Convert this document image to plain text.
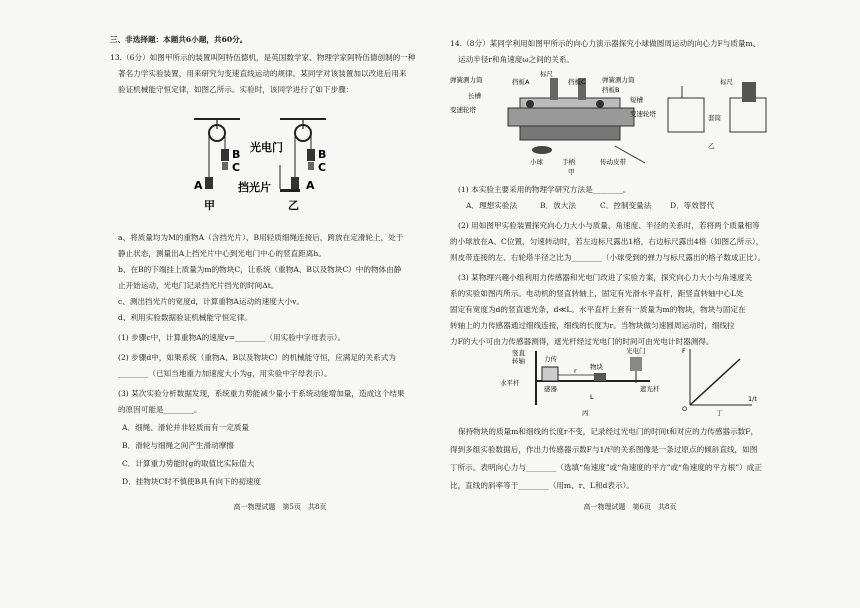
三、非选择题：本题共6小题，共60分。
13.（6分）如图甲所示的装置叫阿特伍德机，是英国数学家、物理学家阿特伍德创制的一种
著名力学实验装置，用来研究匀变速直线运动的规律。某同学对该装置加以改进后用来
验证机械能守恒定律，如图乙所示。实验时，该同学进行了如下步骤：
B
C
A
甲
B
C
A
乙
光电门
挡光片
a、将质量均为M的重物A（含挡光片）、B用轻质细绳连接后，跨放在定滑轮上，处于
静止状态，测量出A上挡光片中心到光电门中心的竖直距离h。
b、在B的下端挂上质量为m的物块C，让系统（重物A、B以及物块C）中的物体由静
止开始运动，光电门记录挡光片挡光的时间Δt。
c、测出挡光片的宽度d，计算重物A运动的速度大小v。
d、利用实验数据验证机械能守恒定律。
(1) 步骤c中，计算重物A的速度v=________（用实验中字母表示）。
(2) 步骤d中，如果系统（重物A、B以及物块C）的机械能守恒，应满足的关系式为
________（已知当地重力加速度大小为g，用实验中字母表示）。
(3) 某次实验分析数据发现，系统重力势能减少量小于系统动能增加量，造成这个结果
的原因可能是________。
A．细绳、滑轮并非轻质而有一定质量
B．滑轮与细绳之间产生滑动摩擦
C．计算重力势能时g的取值比实际值大
D．挂物块C时不慎使B具有向下的初速度
高一物理试题　第5页　共8页
14.（8分）某同学利用如图甲所示的向心力演示器探究小球做圆周运动的向心力F与质量m、
运动半径r和角速度ω之间的关系。
标尺
挡板A	挡板C	弹簧测力筒
弹簧测力筒
挡板B
长槽	短槽
变速轮塔	变速轮塔
小球	手柄	传动皮带
甲
标尺
套筒
乙
(1) 本实验主要采用的物理学研究方法是________。
A．理想实验法	B．放大法	C．控制变量法 D．等效替代
(2) 用如图甲实验装置探究向心力大小与质量、角速度、半径的关系时，若将两个质量相等
的小球放在A、C位置，匀速转动时，若左边标尺露出1格，右边标尺露出4格（如图乙所示），
则皮带连接的左、右轮塔半径之比为________（小球受到的弹力与标尺露出的格子数成正比）。
(3) 某物理兴趣小组利用力传感器和光电门改进了实验方案，探究向心力大小与角速度关
系的实验如图丙所示。电动机的竖直转轴上，固定有光滑水平直杆，距竖直转轴中心L处
固定有宽度为d的竖直遮光条，d≪L。水平直杆上套有一质量为m的物块，物块与固定在
转轴上的力传感器通过细线连接，细线的长度为r。当物块做匀速圆周运动时，细线拉
力F的大小可由力传感器测得，遮光杆经过光电门的时间可由光电计时器测得。
竖直
转轴	力传
感器
物块
光电门
水平杆
遮光杆
r
L
丙
F
O
1/t
丁
保持物块的质量m和细线的长度r不变，记录经过光电门的时间t和对应的力传感器示数F，
得到多组实验数据后，作出力传感器示数F与1/t²的关系图像是一条过原点的倾斜直线，如图
丁所示。表明向心力与________（选填“角速度”或“角速度的平方”或“角速度的平方根”）成正
比，直线的斜率等于________（用m、r、L和d表示）。
高一物理试题　第6页　共8页
